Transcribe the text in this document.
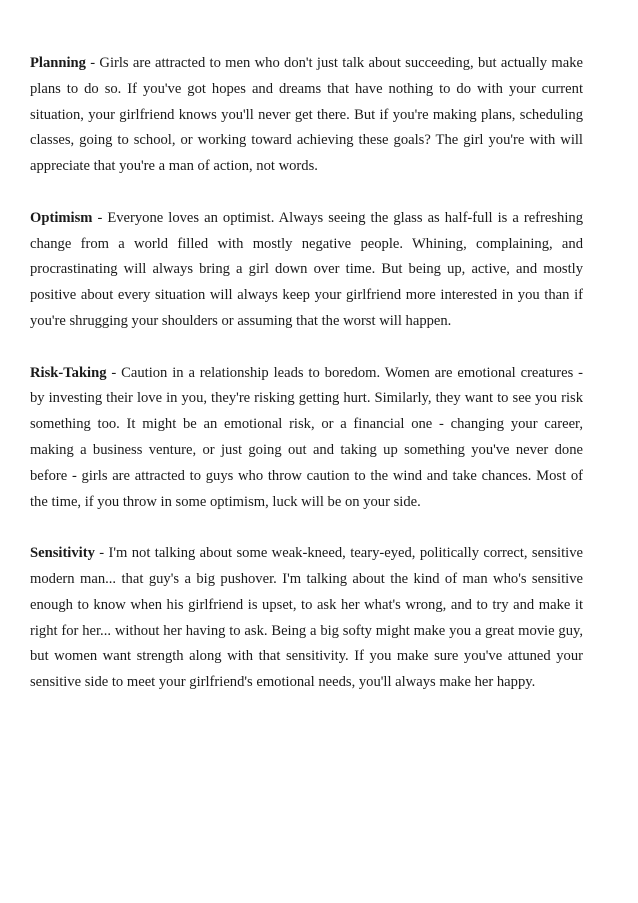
Planning - Girls are attracted to men who don't just talk about succeeding, but actually make plans to do so. If you've got hopes and dreams that have nothing to do with your current situation, your girlfriend knows you'll never get there. But if you're making plans, scheduling classes, going to school, or working toward achieving these goals? The girl you're with will appreciate that you're a man of action, not words.

Optimism - Everyone loves an optimist. Always seeing the glass as half-full is a refreshing change from a world filled with mostly negative people. Whining, complaining, and procrastinating will always bring a girl down over time. But being up, active, and mostly positive about every situation will always keep your girlfriend more interested in you than if you're shrugging your shoulders or assuming that the worst will happen.

Risk-Taking - Caution in a relationship leads to boredom. Women are emotional creatures - by investing their love in you, they're risking getting hurt. Similarly, they want to see you risk something too. It might be an emotional risk, or a financial one - changing your career, making a business venture, or just going out and taking up something you've never done before - girls are attracted to guys who throw caution to the wind and take chances. Most of the time, if you throw in some optimism, luck will be on your side.

Sensitivity - I'm not talking about some weak-kneed, teary-eyed, politically correct, sensitive modern man... that guy's a big pushover. I'm talking about the kind of man who's sensitive enough to know when his girlfriend is upset, to ask her what's wrong, and to try and make it right for her... without her having to ask. Being a big softy might make you a great movie guy, but women want strength along with that sensitivity. If you make sure you've attuned your sensitive side to meet your girlfriend's emotional needs, you'll always make her happy.
